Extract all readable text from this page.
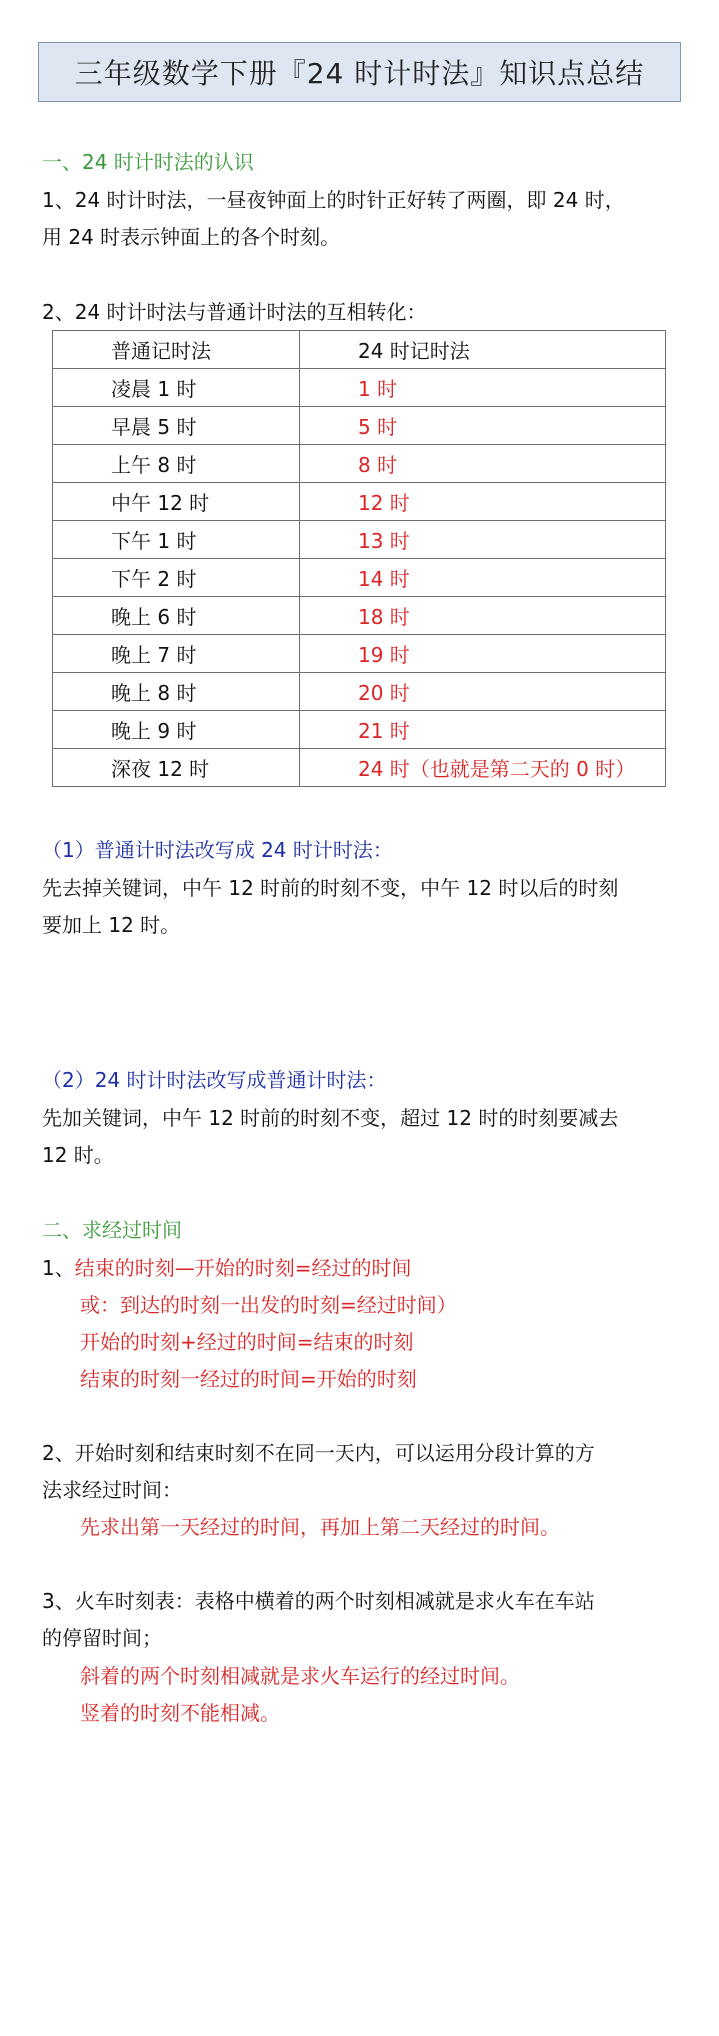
三年级数学下册『24 时计时法』知识点总结
一、24 时计时法的认识
1、24 时计时法，一昼夜钟面上的时针正好转了两圈，即 24 时，
用 24 时表示钟面上的各个时刻。
2、24 时计时法与普通计时法的互相转化：
普通记时法	24 时记时法
凌晨 1 时	1 时
早晨 5 时	5 时
上午 8 时	8 时
中午 12 时	12 时
下午 1 时	13 时
下午 2 时	14 时
晚上 6 时	18 时
晚上 7 时	19 时
晚上 8 时	20 时
晚上 9 时	21 时
深夜 12 时	24 时（也就是第二天的 0 时）
（1）普通计时法改写成 24 时计时法：
先去掉关键词，中午 12 时前的时刻不变，中午 12 时以后的时刻
要加上 12 时。
（2）24 时计时法改写成普通计时法：
先加关键词，中午 12 时前的时刻不变，超过 12 时的时刻要减去
12 时。
二、求经过时间
1、结束的时刻—开始的时刻=经过的时间
或：到达的时刻一出发的时刻=经过时间）
开始的时刻+经过的时间=结束的时刻
结束的时刻一经过的时间=开始的时刻
2、开始时刻和结束时刻不在同一天内，可以运用分段计算的方
法求经过时间：
先求出第一天经过的时间，再加上第二天经过的时间。
3、火车时刻表：表格中横着的两个时刻相减就是求火车在车站
的停留时间；
斜着的两个时刻相减就是求火车运行的经过时间。
竖着的时刻不能相减。
